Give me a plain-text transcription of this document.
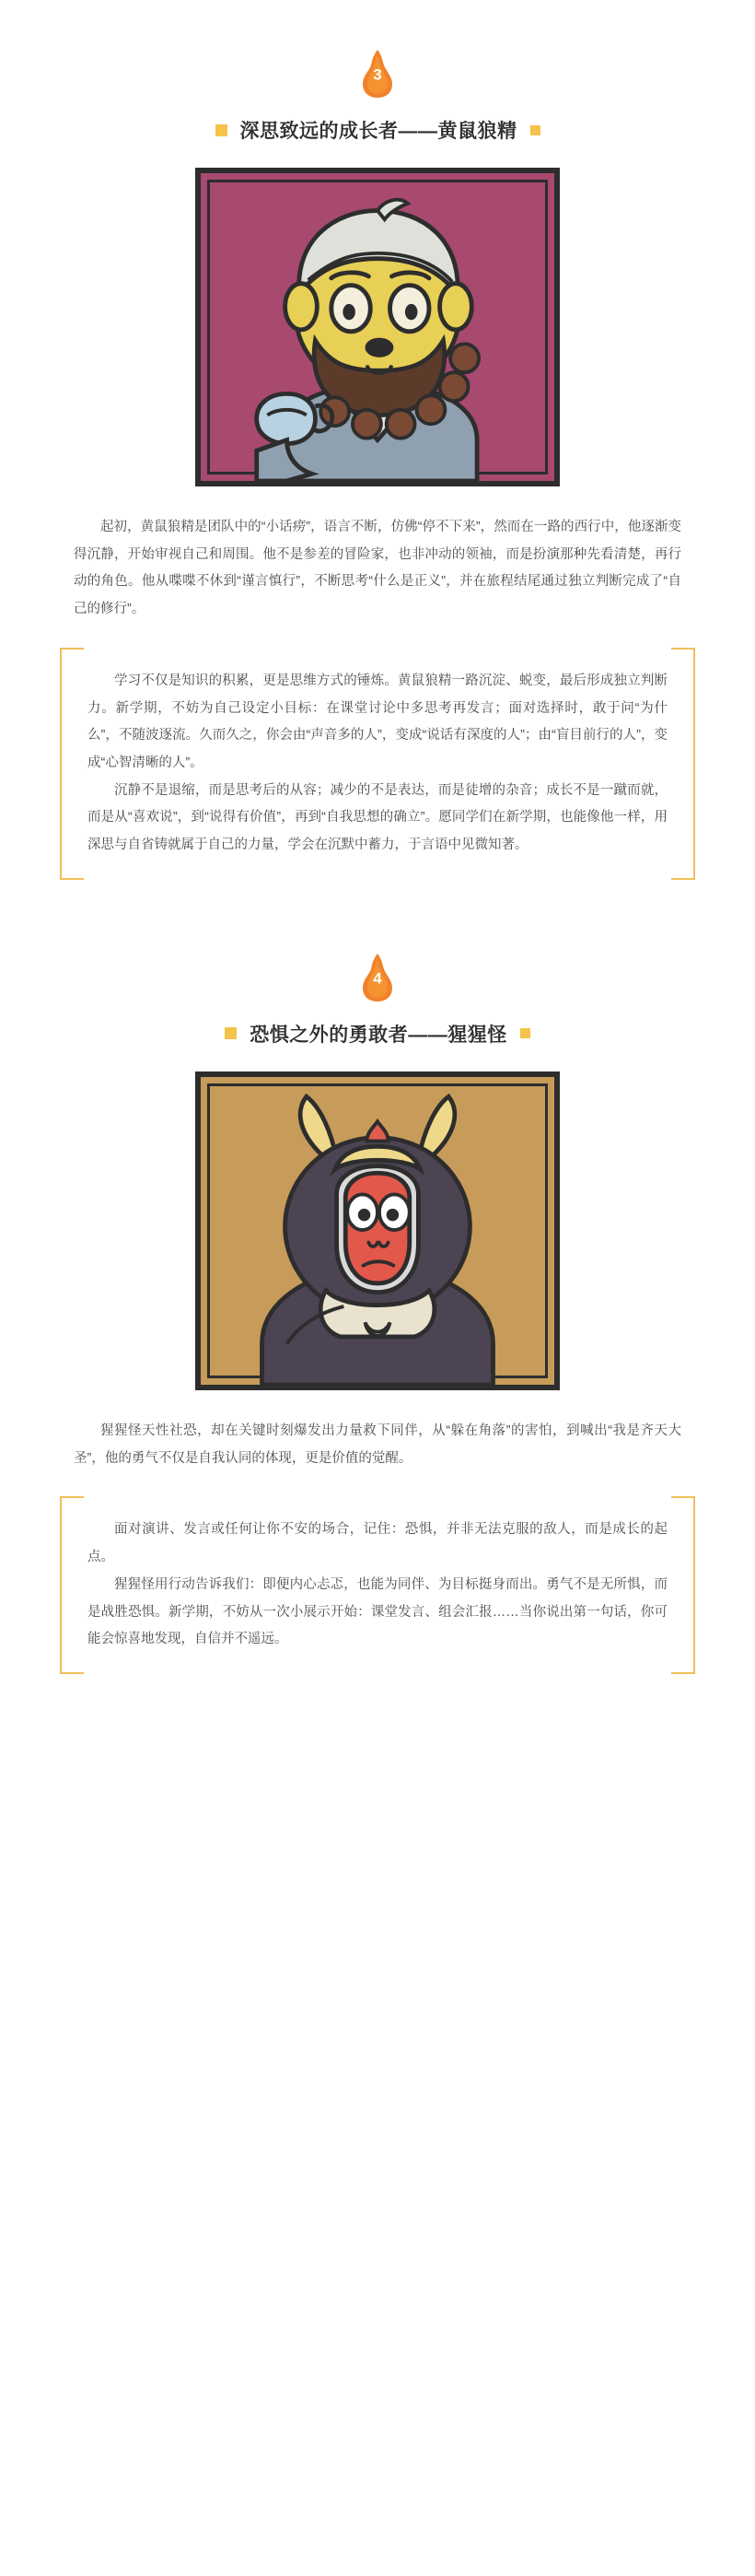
3
深思致远的成长者——黄鼠狼精

起初，黄鼠狼精是团队中的“小话痨”，语言不断，仿佛“停不下来”，然而在一路的西行中，他逐渐变得沉静，开始审视自己和周围。他不是参差的冒险家，也非冲动的领袖，而是扮演那种先看清楚，再行动的角色。他从喋喋不休到“谨言慎行”，不断思考“什么是正义”，并在旅程结尾通过独立判断完成了“自己的修行”。

学习不仅是知识的积累，更是思维方式的锤炼。黄鼠狼精一路沉淀、蜕变，最后形成独立判断力。新学期，不妨为自己设定小目标：在课堂讨论中多思考再发言；面对选择时，敢于问“为什么”，不随波逐流。久而久之，你会由“声音多的人”，变成“说话有深度的人”；由“盲目前行的人”，变成“心智清晰的人”。

沉静不是退缩，而是思考后的从容；减少的不是表达，而是徒增的杂音；成长不是一蹴而就，而是从“喜欢说”，到“说得有价值”，再到“自我思想的确立”。愿同学们在新学期，也能像他一样，用深思与自省铸就属于自己的力量，学会在沉默中蓄力，于言语中见微知著。

4
恐惧之外的勇敢者——猩猩怪

猩猩怪天性社恐，却在关键时刻爆发出力量救下同伴，从“躲在角落”的害怕，到喊出“我是齐天大圣”，他的勇气不仅是自我认同的体现，更是价值的觉醒。

面对演讲、发言或任何让你不安的场合，记住：恐惧，并非无法克服的敌人，而是成长的起点。

猩猩怪用行动告诉我们：即便内心忐忑，也能为同伴、为目标挺身而出。勇气不是无所惧，而是战胜恐惧。新学期，不妨从一次小展示开始：课堂发言、组会汇报……当你说出第一句话，你可能会惊喜地发现，自信并不遥远。
